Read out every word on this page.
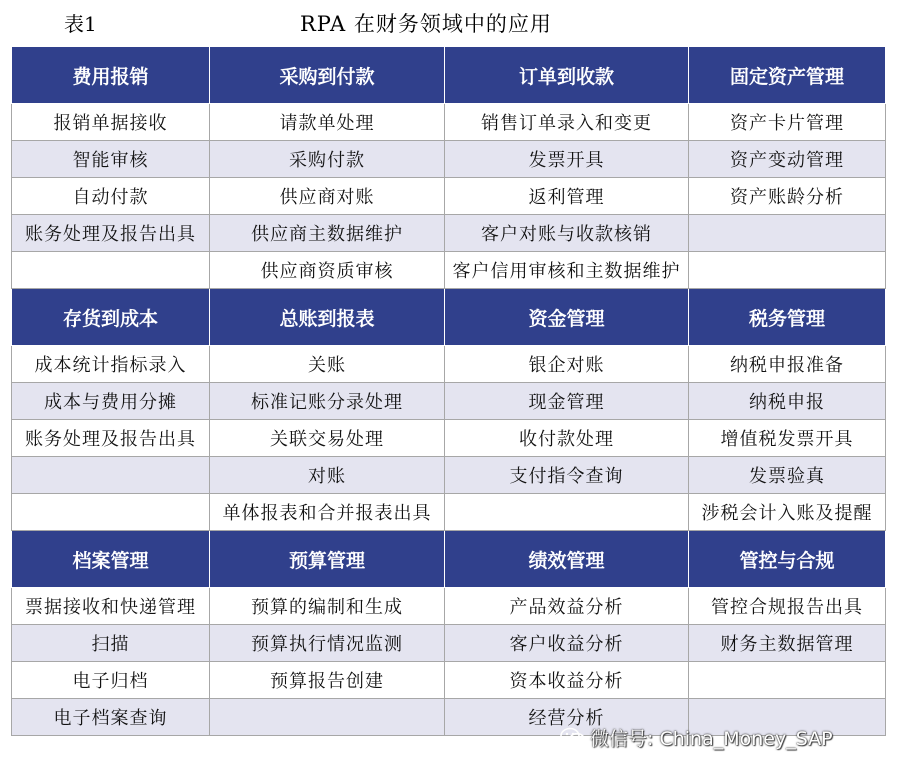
表1	RPA 在财务领域中的应用
费用报销	采购到付款	订单到收款	固定资产管理
报销单据接收	请款单处理	销售订单录入和变更	资产卡片管理
智能审核	采购付款	发票开具	资产变动管理
自动付款	供应商对账	返利管理	资产账龄分析
账务处理及报告出具	供应商主数据维护	客户对账与收款核销	
	供应商资质审核	客户信用审核和主数据维护	
存货到成本	总账到报表	资金管理	税务管理
成本统计指标录入	关账	银企对账	纳税申报准备
成本与费用分摊	标准记账分录处理	现金管理	纳税申报
账务处理及报告出具	关联交易处理	收付款处理	增值税发票开具
	对账	支付指令查询	发票验真
	单体报表和合并报表出具		涉税会计入账及提醒
档案管理	预算管理	绩效管理	管控与合规
票据接收和快递管理	预算的编制和生成	产品效益分析	管控合规报告出具
扫描	预算执行情况监测	客户收益分析	财务主数据管理
电子归档	预算报告创建	资本收益分析	
电子档案查询		经营分析	
微信号: China_Money_SAP
